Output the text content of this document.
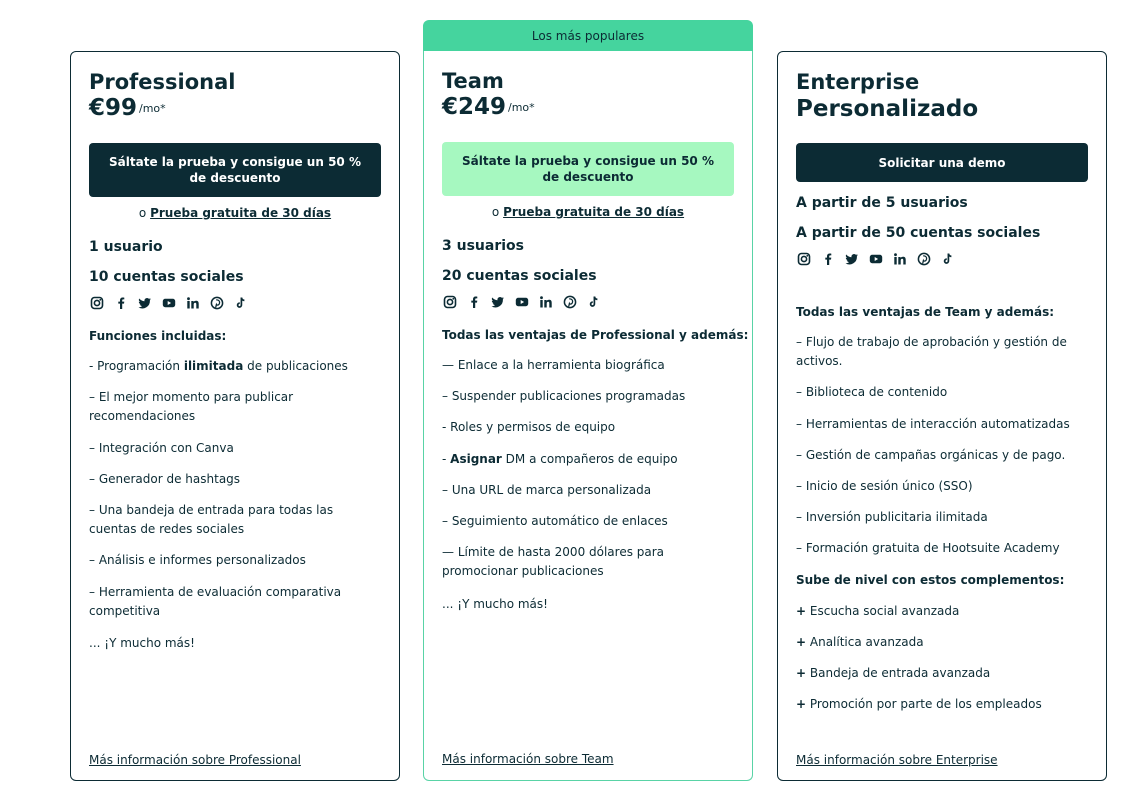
Los más populares
Professional
€99 /mo*
Sáltate la prueba y consigue un 50 % de descuento
o Prueba gratuita de 30 días
1 usuario
10 cuentas sociales
Funciones incluidas:
- Programación ilimitada de publicaciones
– El mejor momento para publicar recomendaciones
– Integración con Canva
– Generador de hashtags
– Una bandeja de entrada para todas las cuentas de redes sociales
– Análisis e informes personalizados
– Herramienta de evaluación comparativa competitiva
... ¡Y mucho más!
Más información sobre Professional
Team
€249 /mo*
Sáltate la prueba y consigue un 50 % de descuento
o Prueba gratuita de 30 días
3 usuarios
20 cuentas sociales
Todas las ventajas de Professional y además:
— Enlace a la herramienta biográfica
– Suspender publicaciones programadas
- Roles y permisos de equipo
- Asignar DM a compañeros de equipo
– Una URL de marca personalizada
– Seguimiento automático de enlaces
— Límite de hasta 2000 dólares para promocionar publicaciones
... ¡Y mucho más!
Más información sobre Team
Enterprise
Personalizado
Solicitar una demo
A partir de 5 usuarios
A partir de 50 cuentas sociales
Todas las ventajas de Team y además:
– Flujo de trabajo de aprobación y gestión de activos.
– Biblioteca de contenido
– Herramientas de interacción automatizadas
– Gestión de campañas orgánicas y de pago.
– Inicio de sesión único (SSO)
– Inversión publicitaria ilimitada
– Formación gratuita de Hootsuite Academy
Sube de nivel con estos complementos:
+ Escucha social avanzada
+ Analítica avanzada
+ Bandeja de entrada avanzada
+ Promoción por parte de los empleados
Más información sobre Enterprise
